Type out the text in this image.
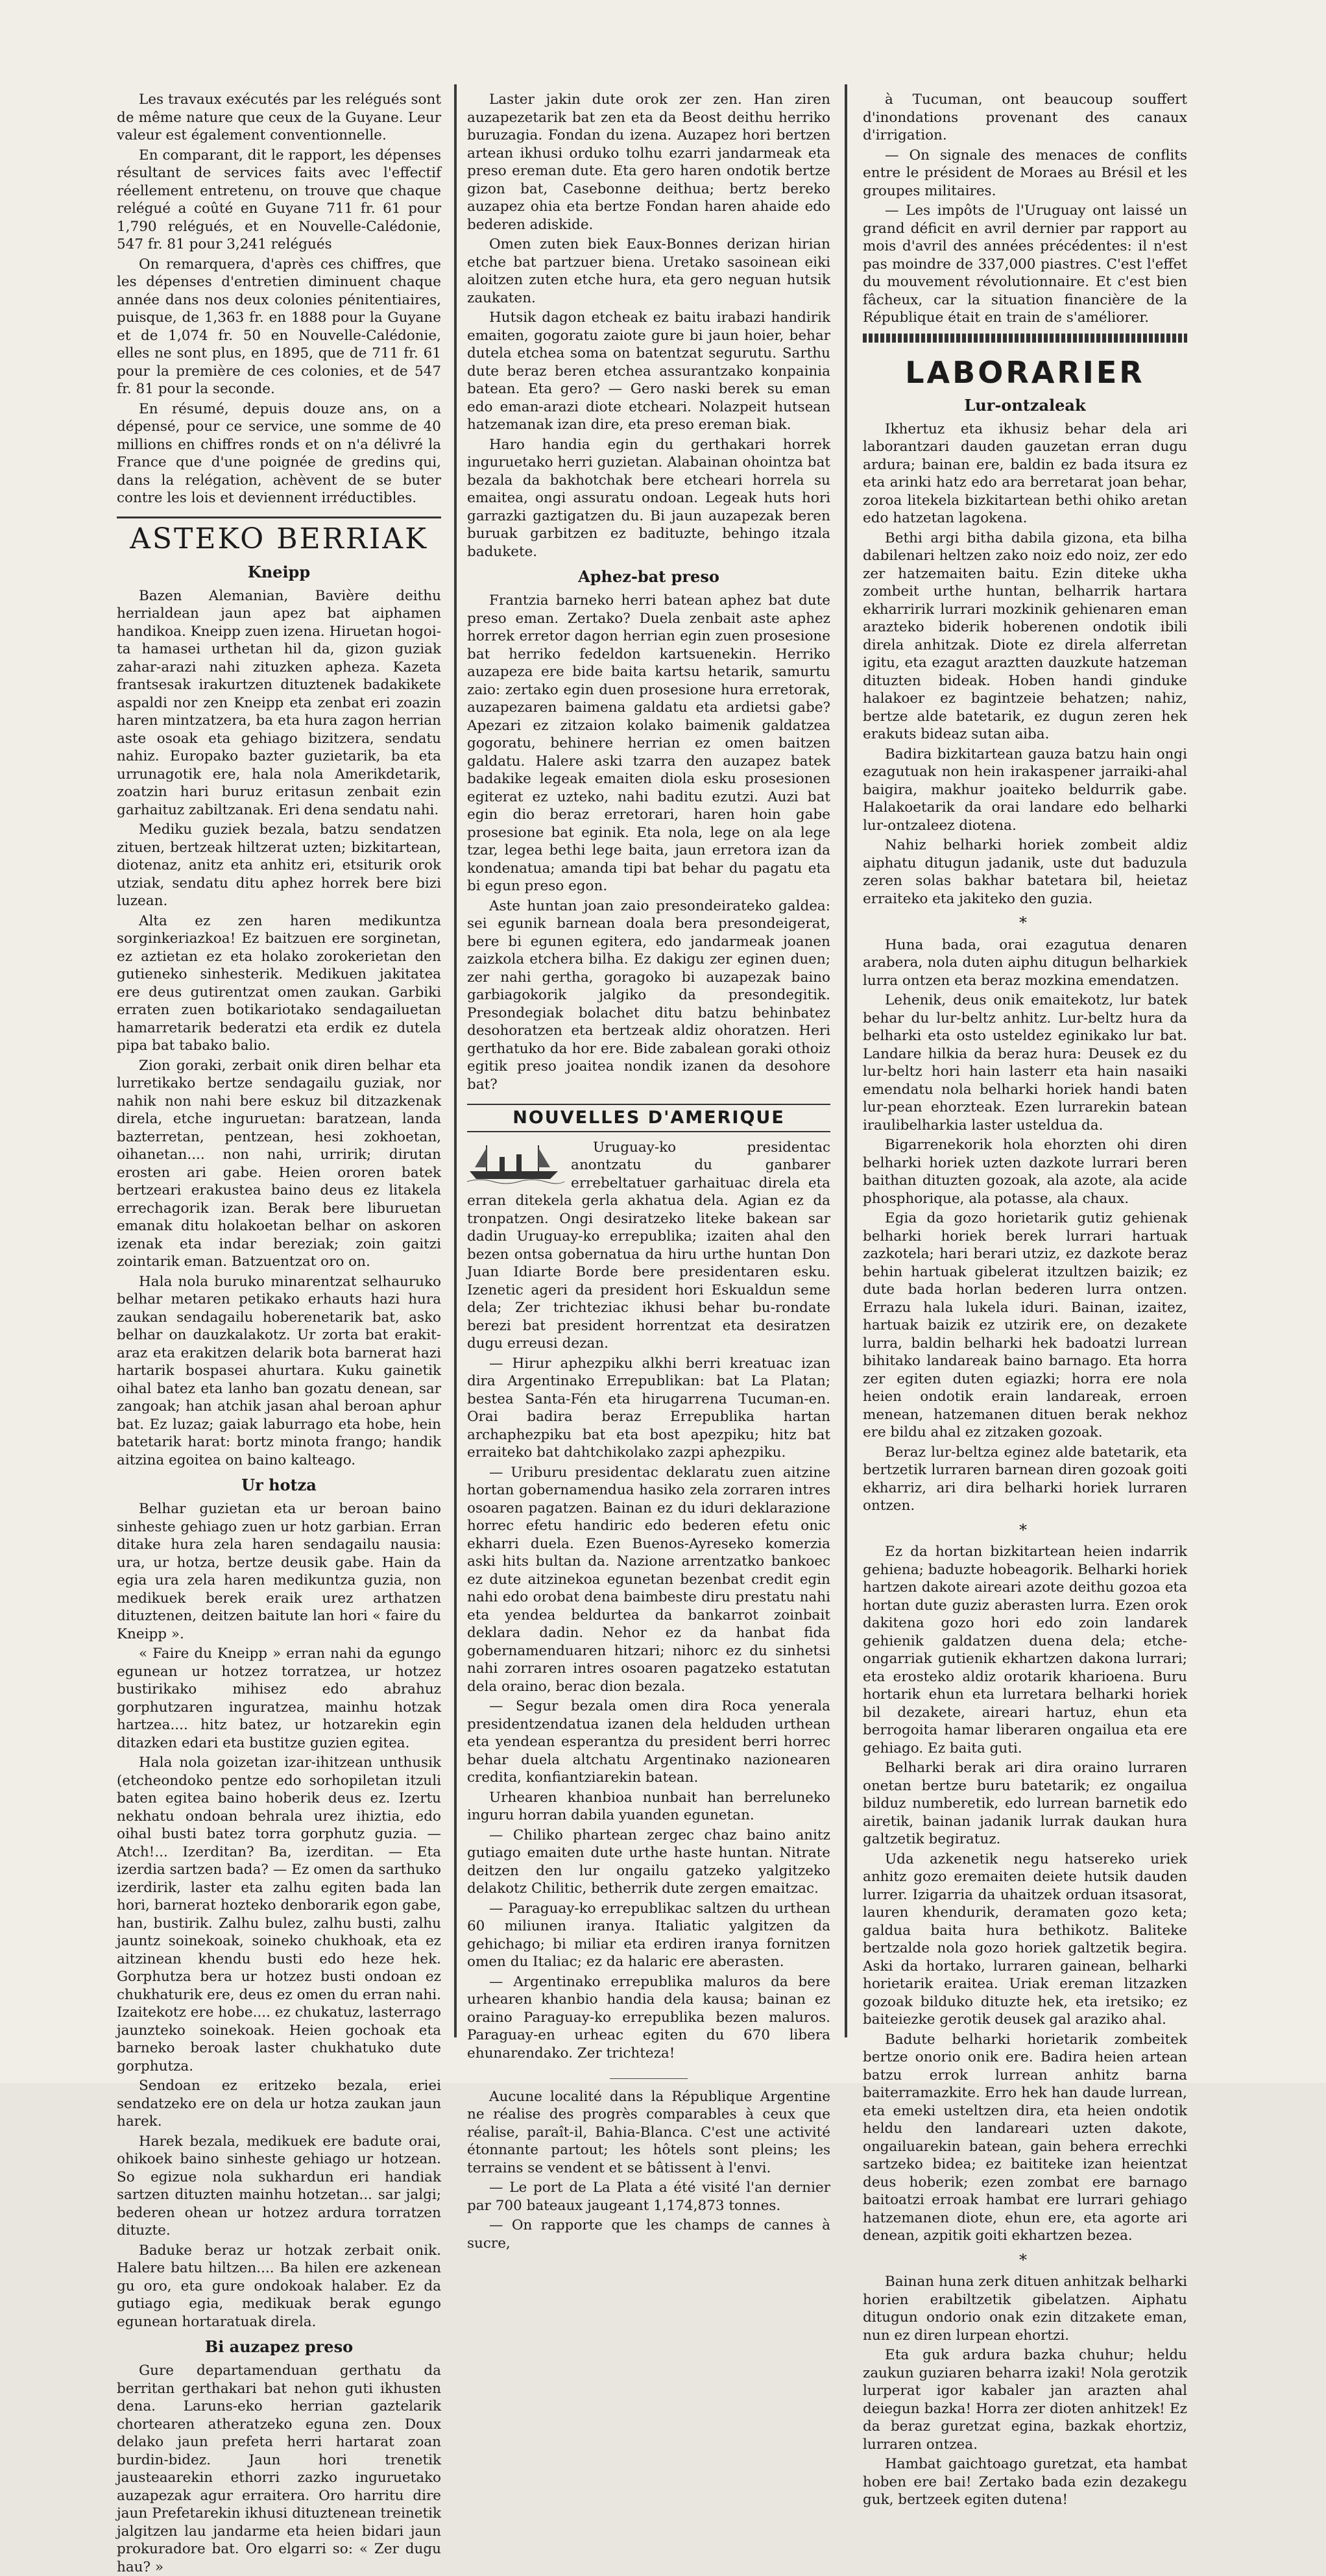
Les travaux exécutés par les relégués sont de même nature que ceux de la Guyane. Leur valeur est également conventionnelle.

En comparant, dit le rapport, les dépenses résultant de services faits avec l'effectif réellement entretenu, on trouve que chaque relégué a coûté en Guyane 711 fr. 61 pour 1,790 relégués, et en Nouvelle-Calédonie, 547 fr. 81 pour 3,241 relégués

On remarquera, d'après ces chiffres, que les dépenses d'entretien diminuent chaque année dans nos deux colonies pénitentiaires, puisque, de 1,363 fr. en 1888 pour la Guyane et de 1,074 fr. 50 en Nouvelle-Calédonie, elles ne sont plus, en 1895, que de 711 fr. 61 pour la première de ces colonies, et de 547 fr. 81 pour la seconde.

En résumé, depuis douze ans, on a dépensé, pour ce service, une somme de 40 millions en chiffres ronds et on n'a délivré la France que d'une poignée de gredins qui, dans la relégation, achèvent de se buter contre les lois et deviennent irréductibles.

ASTEKO BERRIAK
Kneipp

Bazen Alemanian, Bavière deithu herrialdean jaun apez bat aiphamen handikoa. Kneipp zuen izena. Hiruetan hogoi-ta hamasei urthetan hil da, gizon guziak zahar-arazi nahi zituzken apheza. Kazeta frantsesak irakurtzen dituztenek badakikete aspaldi nor zen Kneipp eta zenbat eri zoazin haren mintzatzera, ba eta hura zagon herrian aste osoak eta gehiago bizitzera, sendatu nahiz. Europako bazter guzietarik, ba eta urrunagotik ere, hala nola Amerikdetarik, zoatzin hari buruz eritasun zenbait ezin garhaituz zabiltzanak. Eri dena sendatu nahi.

Mediku guziek bezala, batzu sendatzen zituen, bertzeak hiltzerat uzten; bizkitartean, diotenaz, anitz eta anhitz eri, etsiturik orok utziak, sendatu ditu aphez horrek bere bizi luzean.

Alta ez zen haren medikuntza sorginkeriazkoa! Ez baitzuen ere sorginetan, ez aztietan ez eta holako zorokerietan den gutieneko sinhesterik. Medikuen jakitatea ere deus gutirentzat omen zaukan. Garbiki erraten zuen botikariotako sendagailuetan hamarretarik bederatzi eta erdik ez dutela pipa bat tabako balio.

Zion goraki, zerbait onik diren belhar eta lurretikako bertze sendagailu guziak, nor nahik non nahi bere eskuz bil ditzazkenak direla, etche inguruetan: baratzean, landa bazterretan, pentzean, hesi zokhoetan, oihanetan.... non nahi, urririk; dirutan erosten ari gabe. Heien ororen batek bertzeari erakustea baino deus ez litakela errechagorik izan. Berak bere liburuetan emanak ditu holakoetan belhar on askoren izenak eta indar bereziak; zoin gaitzi zointarik eman. Batzuentzat oro on.

Hala nola buruko minarentzat selhauruko belhar metaren petikako erhauts hazi hura zaukan sendagailu hoberenetarik bat, asko belhar on dauzkalakotz. Ur zorta bat erakit-araz eta erakitzen delarik bota barnerat hazi hartarik bospasei ahurtara. Kuku gainetik oihal batez eta lanho ban gozatu denean, sar zangoak; han atchik jasan ahal beroan aphur bat. Ez luzaz; gaiak laburrago eta hobe, hein batetarik harat: bortz minota frango; handik aitzina egoitea on baino kalteago.

Ur hotza

Belhar guzietan eta ur beroan baino sinheste gehiago zuen ur hotz garbian. Erran ditake hura zela haren sendagailu nausia: ura, ur hotza, bertze deusik gabe. Hain da egia ura zela haren medikuntza guzia, non medikuek berek eraik urez arthatzen dituztenen, deitzen baitute lan hori « faire du Kneipp ».

« Faire du Kneipp » erran nahi da egungo egunean ur hotzez torratzea, ur hotzez bustirikako mihisez edo abrahuz gorphutzaren inguratzea, mainhu hotzak hartzea.... hitz batez, ur hotzarekin egin ditazken edari eta bustitze guzien egitea.

Hala nola goizetan izar-ihitzean unthusik (etcheondoko pentze edo sorhopiletan itzuli baten egitea baino hoberik deus ez. Izertu nekhatu ondoan behrala urez ihiztia, edo oihal busti batez torra gorphutz guzia. — Atch!... Izerditan? Ba, izerditan. — Eta izerdia sartzen bada? — Ez omen da sarthuko izerdirik, laster eta zalhu egiten bada lan hori, barnerat hozteko denborarik egon gabe, han, bustirik. Zalhu bulez, zalhu busti, zalhu jauntz soinekoak, soineko chukhoak, eta ez aitzinean khendu busti edo heze hek. Gorphutza bera ur hotzez busti ondoan ez chukhaturik ere, deus ez omen du erran nahi. Izaitekotz ere hobe.... ez chukatuz, lasterrago jaunzteko soinekoak. Heien gochoak eta barneko beroak laster chukhatuko dute gorphutza.

Sendoan ez eritzeko bezala, eriei sendatzeko ere on dela ur hotza zaukan jaun harek.

Harek bezala, medikuek ere badute orai, ohikoek baino sinheste gehiago ur hotzean. So egizue nola sukhardun eri handiak sartzen dituzten mainhu hotzetan... sar jalgi; bederen ohean ur hotzez ardura torratzen dituzte.

Baduke beraz ur hotzak zerbait onik. Halere batu hiltzen.... Ba hilen ere azkenean gu oro, eta gure ondokoak halaber. Ez da gutiago egia, medikuak berak egungo egunean hortaratuak direla.

Bi auzapez preso

Gure departamenduan gerthatu da berritan gerthakari bat nehon guti ikhusten dena. Laruns-eko herrian gaztelarik chortearen atheratzeko eguna zen. Doux delako jaun prefeta herri hartarat zoan burdin-bidez. Jaun hori trenetik jausteaarekin ethorri zazko inguruetako auzapezak agur erraitera. Oro harritu dire jaun Prefetarekin ikhusi dituztenean treinetik jalgitzen lau jandarme eta heien bidari jaun prokuradore bat. Oro elgarri so: « Zer dugu hau? »

Laster jakin dute orok zer zen. Han ziren auzapezetarik bat zen eta da Beost deithu herriko buruzagia. Fondan du izena. Auzapez hori bertzen artean ikhusi orduko tolhu ezarri jandarmeak eta preso ereman dute. Eta gero haren ondotik bertze gizon bat, Casebonne deithua; bertz bereko auzapez ohia eta bertze Fondan haren ahaide edo bederen adiskide.

Omen zuten biek Eaux-Bonnes derizan hirian etche bat partzuer biena. Uretako sasoinean eiki aloitzen zuten etche hura, eta gero neguan hutsik zaukaten.

Hutsik dagon etcheak ez baitu irabazi handirik emaiten, gogoratu zaiote gure bi jaun hoier, behar dutela etchea soma on batentzat segurutu. Sarthu dute beraz beren etchea assurantzako konpainia batean. Eta gero? — Gero naski berek su eman edo eman-arazi diote etcheari. Nolazpeit hutsean hatzemanak izan dire, eta preso ereman biak.

Haro handia egin du gerthakari horrek inguruetako herri guzietan. Alabainan ohointza bat bezala da bakhotchak bere etcheari horrela su emaitea, ongi assuratu ondoan. Legeak huts hori garrazki gaztigatzen du. Bi jaun auzapezak beren buruak garbitzen ez badituzte, behingo itzala badukete.

Aphez-bat preso

Frantzia barneko herri batean aphez bat dute preso eman. Zertako? Duela zenbait aste aphez horrek erretor dagon herrian egin zuen prosesione bat herriko fedeldon kartsuenekin. Herriko auzapeza ere bide baita kartsu hetarik, samurtu zaio: zertako egin duen prosesione hura erretorak, auzapezaren baimena galdatu eta ardietsi gabe? Apezari ez zitzaion kolako baimenik galdatzea gogoratu, behinere herrian ez omen baitzen galdatu. Halere aski tzarra den auzapez batek badakike legeak emaiten diola esku prosesionen egiterat ez uzteko, nahi baditu ezutzi. Auzi bat egin dio beraz erretorari, haren hoin gabe prosesione bat eginik. Eta nola, lege on ala lege tzar, legea bethi lege baita, jaun erretora izan da kondenatua; amanda tipi bat behar du pagatu eta bi egun preso egon.

Aste huntan joan zaio presondeirateko galdea: sei egunik barnean doala bera presondeigerat, bere bi egunen egitera, edo jandarmeak joanen zaizkola etchera bilha. Ez dakigu zer eginen duen; zer nahi gertha, goragoko bi auzapezak baino garbiagokorik jalgiko da presondegitik. Presondegiak bolachet ditu batzu behinbatez desohoratzen eta bertzeak aldiz ohoratzen. Heri gerthatuko da hor ere. Bide zabalean goraki othoiz egitik preso joaitea nondik izanen da desohore bat?

NOUVELLES D'AMERIQUE

Uruguay-ko presidentac anontzatu du ganbarer errebeltatuer garhaituac direla eta erran ditekela gerla akhatua dela. Agian ez da tronpatzen. Ongi desiratzeko liteke bakean sar dadin Uruguay-ko errepublika; izaiten ahal den bezen ontsa gobernatua da hiru urthe huntan Don Juan Idiarte Borde bere presidentaren esku. Izenetic ageri da president hori Eskualdun seme dela; Zer trichteziac ikhusi behar bu-rondate berezi bat president horrentzat eta desiratzen dugu erreusi dezan.

— Hirur aphezpiku alkhi berri kreatuac izan dira Argentinako Errepublikan: bat La Platan; bestea Santa-Fén eta hirugarrena Tucuman-en. Orai badira beraz Errepublika hartan archaphezpiku bat eta bost apezpiku; hitz bat erraiteko bat dahtchikolako zazpi aphezpiku.

— Uriburu presidentac deklaratu zuen aitzine hortan gobernamendua hasiko zela zorraren intres osoaren pagatzen. Bainan ez du iduri deklarazione horrec efetu handiric edo bederen efetu onic ekharri duela. Ezen Buenos-Ayreseko komerzia aski hits bultan da. Nazione arrentzatko bankoec ez dute aitzinekoa egunetan bezenbat credit egin nahi edo orobat dena baimbeste diru prestatu nahi eta yendea beldurtea da bankarrot zoinbait deklara dadin. Nehor ez da hanbat fida gobernamenduaren hitzari; nihorc ez du sinhetsi nahi zorraren intres osoaren pagatzeko estatutan dela oraino, berac dion bezala.

— Segur bezala omen dira Roca yenerala presidentzendatua izanen dela helduden urthean eta yendean esperantza du president berri horrec behar duela altchatu Argentinako nazionearen credita, konfiantziarekin batean.

Urhearen khanbioa nunbait han berreluneko inguru horran dabila yuanden egunetan.

— Chiliko phartean zergec chaz baino anitz gutiago emaiten dute urthe haste huntan. Nitrate deitzen den lur ongailu gatzeko yalgitzeko delakotz Chilitic, betherrik dute zergen emaitzac.

— Paraguay-ko errepublikac saltzen du urthean 60 miliunen iranya. Italiatic yalgitzen da gehichago; bi miliar eta erdiren iranya fornitzen omen du Italiac; ez da halaric ere aberasten.

— Argentinako errepublika maluros da bere urhearen khanbio handia dela kausa; bainan ez oraino Paraguay-ko errepublika bezen maluros. Paraguay-en urheac egiten du 670 libera ehunarendako. Zer trichteza!

Aucune localité dans la République Argentine ne réalise des progrès comparables à ceux que réalise, paraît-il, Bahia-Blanca. C'est une activité étonnante partout; les hôtels sont pleins; les terrains se vendent et se bâtissent à l'envi.

— Le port de La Plata a été visité l'an dernier par 700 bateaux jaugeant 1,174,873 tonnes.

— On rapporte que les champs de cannes à sucre,

à Tucuman, ont beaucoup souffert d'inondations provenant des canaux d'irrigation.

— On signale des menaces de conflits entre le président de Moraes au Brésil et les groupes militaires.

— Les impôts de l'Uruguay ont laissé un grand déficit en avril dernier par rapport au mois d'avril des années précédentes: il n'est pas moindre de 337,000 piastres. C'est l'effet du mouvement révolutionnaire. Et c'est bien fâcheux, car la situation financière de la République était en train de s'améliorer.

LABORARIER
Lur-ontzaleak

Ikhertuz eta ikhusiz behar dela ari laborantzari dauden gauzetan erran dugu ardura; bainan ere, baldin ez bada itsura ez eta arinki hatz edo ara berretarat joan behar, zoroa litekela bizkitartean bethi ohiko aretan edo hatzetan lagokena.

Bethi argi bitha dabila gizona, eta bilha dabilenari heltzen zako noiz edo noiz, zer edo zer hatzemaiten baitu. Ezin diteke ukha zombeit urthe huntan, belharrik hartara ekharririk lurrari mozkinik gehienaren eman arazteko biderik hoberenen ondotik ibili direla anhitzak. Diote ez direla alferretan igitu, eta ezagut araztten dauzkute hatzeman dituzten bideak. Hoben handi ginduke halakoer ez bagintzeie behatzen; nahiz, bertze alde batetarik, ez dugun zeren hek erakuts bideaz sutan aiba.

Badira bizkitartean gauza batzu hain ongi ezagutuak non hein irakaspener jarraiki-ahal baigira, makhur joaiteko beldurrik gabe. Halakoetarik da orai landare edo belharki lur-ontzaleez diotena.

Nahiz belharki horiek zombeit aldiz aiphatu ditugun jadanik, uste dut baduzula zeren solas bakhar batetara bil, heietaz erraiteko eta jakiteko den guzia.

*

Huna bada, orai ezagutua denaren arabera, nola duten aiphu ditugun belharkiek lurra ontzen eta beraz mozkina emendatzen.

Lehenik, deus onik emaitekotz, lur batek behar du lur-beltz anhitz. Lur-beltz hura da belharki eta osto usteldez eginikako lur bat. Landare hilkia da beraz hura: Deusek ez du lur-beltz hori hain lasterr eta hain nasaiki emendatu nola belharki horiek handi baten lur-pean ehorzteak. Ezen lurrarekin batean iraulibelharkia laster usteldua da.

Bigarrenekorik hola ehorzten ohi diren belharki horiek uzten dazkote lurrari beren baithan dituzten gozoak, ala azote, ala acide phosphorique, ala potasse, ala chaux.

Egia da gozo horietarik gutiz gehienak belharki horiek berek lurrari hartuak zazkotela; hari berari utziz, ez dazkote beraz behin hartuak gibelerat itzultzen baizik; ez dute bada horlan bederen lurra ontzen. Errazu hala lukela iduri. Bainan, izaitez, hartuak baizik ez utzirik ere, on dezakete lurra, baldin belharki hek badoatzi lurrean bihitako landareak baino barnago. Eta horra zer egiten duten egiazki; horra ere nola heien ondotik erain landareak, erroen menean, hatzemanen dituen berak nekhoz ere bildu ahal ez zitzaken gozoak.

Beraz lur-beltza eginez alde batetarik, eta bertzetik lurraren barnean diren gozoak goiti ekharriz, ari dira belharki horiek lurraren ontzen.

*

Ez da hortan bizkitartean heien indarrik gehiena; baduzte hobeagorik. Belharki horiek hartzen dakote aireari azote deithu gozoa eta hortan dute guziz aberasten lurra. Ezen orok dakitena gozo hori edo zoin landarek gehienik galdatzen duena dela; etche-ongarriak gutienik ekhartzen dakona lurrari; eta erosteko aldiz orotarik kharioena. Buru hortarik ehun eta lurretara belharki horiek bil dezakete, aireari hartuz, ehun eta berrogoita hamar liberaren ongailua eta ere gehiago. Ez baita guti.

Belharki berak ari dira oraino lurraren onetan bertze buru batetarik; ez ongailua bilduz numberetik, edo lurrean barnetik edo airetik, bainan jadanik lurrak daukan hura galtzetik begiratuz.

Uda azkenetik negu hatsereko uriek anhitz gozo eremaiten deiete hutsik dauden lurrer. Izigarria da uhaitzek orduan itsasorat, lauren khendurik, deramaten gozo keta; galdua baita hura bethikotz. Baliteke bertzalde nola gozo horiek galtzetik begira. Aski da hortako, lurraren gainean, belharki horietarik eraitea. Uriak ereman litzazken gozoak bilduko dituzte hek, eta iretsiko; ez baiteiezke gerotik deusek gal araziko ahal.

Badute belharki horietarik zombeitek bertze onorio onik ere. Badira heien artean batzu errok lurrean anhitz barna baiterramazkite. Erro hek han daude lurrean, eta emeki usteltzen dira, eta heien ondotik heldu den landareari uzten dakote, ongailuarekin batean, gain behera errechki sartzeko bidea; ez baititeke izan heientzat deus hoberik; ezen zombat ere barnago baitoatzi erroak hambat ere lurrari gehiago hatzemanen diote, ehun ere, eta agorte ari denean, azpitik goiti ekhartzen bezea.

*

Bainan huna zerk dituen anhitzak belharki horien erabiltzetik gibelatzen. Aiphatu ditugun ondorio onak ezin ditzakete eman, nun ez diren lurpean ehortzi.

Eta guk ardura bazka chuhur; heldu zaukun guziaren beharra izaki! Nola gerotzik lurperat igor kabaler jan arazten ahal deiegun bazka! Horra zer dioten anhitzek! Ez da beraz guretzat egina, bazkak ehortziz, lurraren ontzea.

Hambat gaichtoago guretzat, eta hambat hoben ere bai! Zertako bada ezin dezakegu guk, bertzeek egiten dutena!
